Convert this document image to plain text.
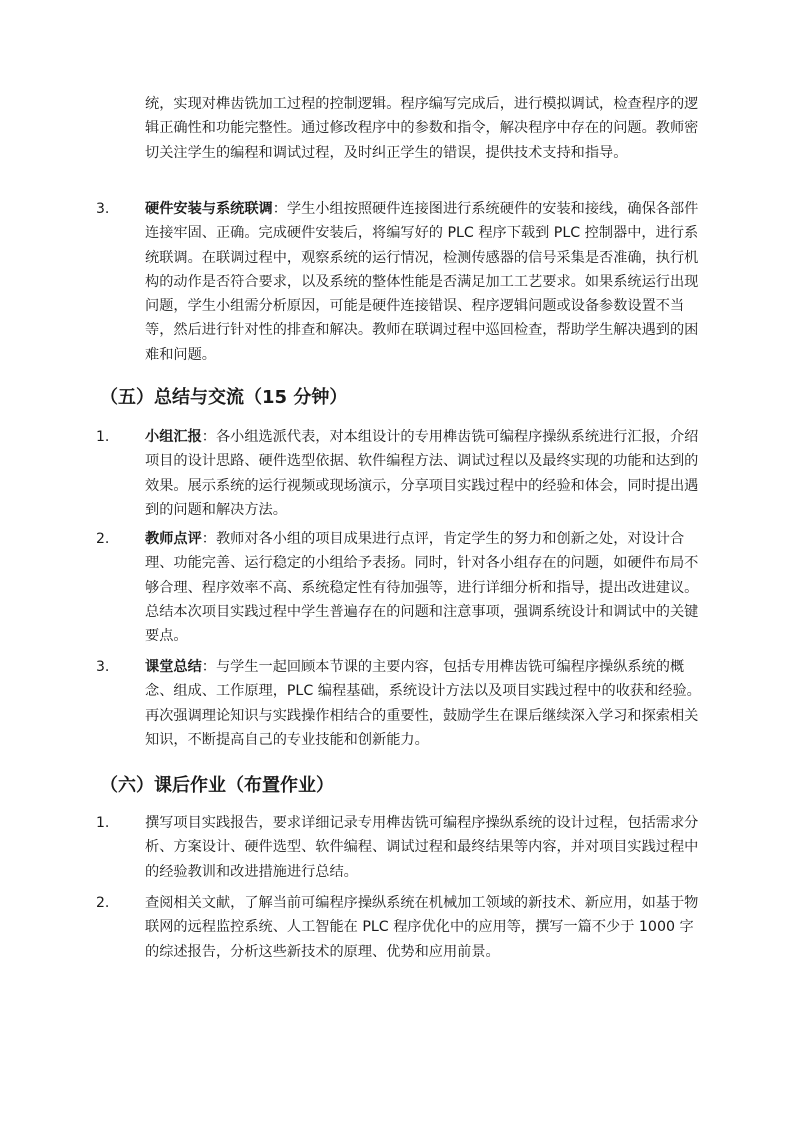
统，实现对榫齿铣加工过程的控制逻辑。程序编写完成后，进行模拟调试，检查程序的逻辑正确性和功能完整性。通过修改程序中的参数和指令，解决程序中存在的问题。教师密切关注学生的编程和调试过程，及时纠正学生的错误，提供技术支持和指导。

3.	硬件安装与系统联调：学生小组按照硬件连接图进行系统硬件的安装和接线，确保各部件连接牢固、正确。完成硬件安装后，将编写好的 PLC 程序下载到 PLC 控制器中，进行系统联调。在联调过程中，观察系统的运行情况，检测传感器的信号采集是否准确，执行机构的动作是否符合要求，以及系统的整体性能是否满足加工工艺要求。如果系统运行出现问题，学生小组需分析原因，可能是硬件连接错误、程序逻辑问题或设备参数设置不当等，然后进行针对性的排查和解决。教师在联调过程中巡回检查，帮助学生解决遇到的困难和问题。

（五）总结与交流（15 分钟）
1.	小组汇报：各小组选派代表，对本组设计的专用榫齿铣可编程序操纵系统进行汇报，介绍项目的设计思路、硬件选型依据、软件编程方法、调试过程以及最终实现的功能和达到的效果。展示系统的运行视频或现场演示，分享项目实践过程中的经验和体会，同时提出遇到的问题和解决方法。

2.	教师点评：教师对各小组的项目成果进行点评，肯定学生的努力和创新之处，对设计合理、功能完善、运行稳定的小组给予表扬。同时，针对各小组存在的问题，如硬件布局不够合理、程序效率不高、系统稳定性有待加强等，进行详细分析和指导，提出改进建议。总结本次项目实践过程中学生普遍存在的问题和注意事项，强调系统设计和调试中的关键要点。

3.	课堂总结：与学生一起回顾本节课的主要内容，包括专用榫齿铣可编程序操纵系统的概念、组成、工作原理，PLC 编程基础，系统设计方法以及项目实践过程中的收获和经验。再次强调理论知识与实践操作相结合的重要性，鼓励学生在课后继续深入学习和探索相关知识，不断提高自己的专业技能和创新能力。

（六）课后作业（布置作业）
1.	撰写项目实践报告，要求详细记录专用榫齿铣可编程序操纵系统的设计过程，包括需求分析、方案设计、硬件选型、软件编程、调试过程和最终结果等内容，并对项目实践过程中的经验教训和改进措施进行总结。

2.	查阅相关文献，了解当前可编程序操纵系统在机械加工领域的新技术、新应用，如基于物联网的远程监控系统、人工智能在 PLC 程序优化中的应用等，撰写一篇不少于 1000 字的综述报告，分析这些新技术的原理、优势和应用前景。
